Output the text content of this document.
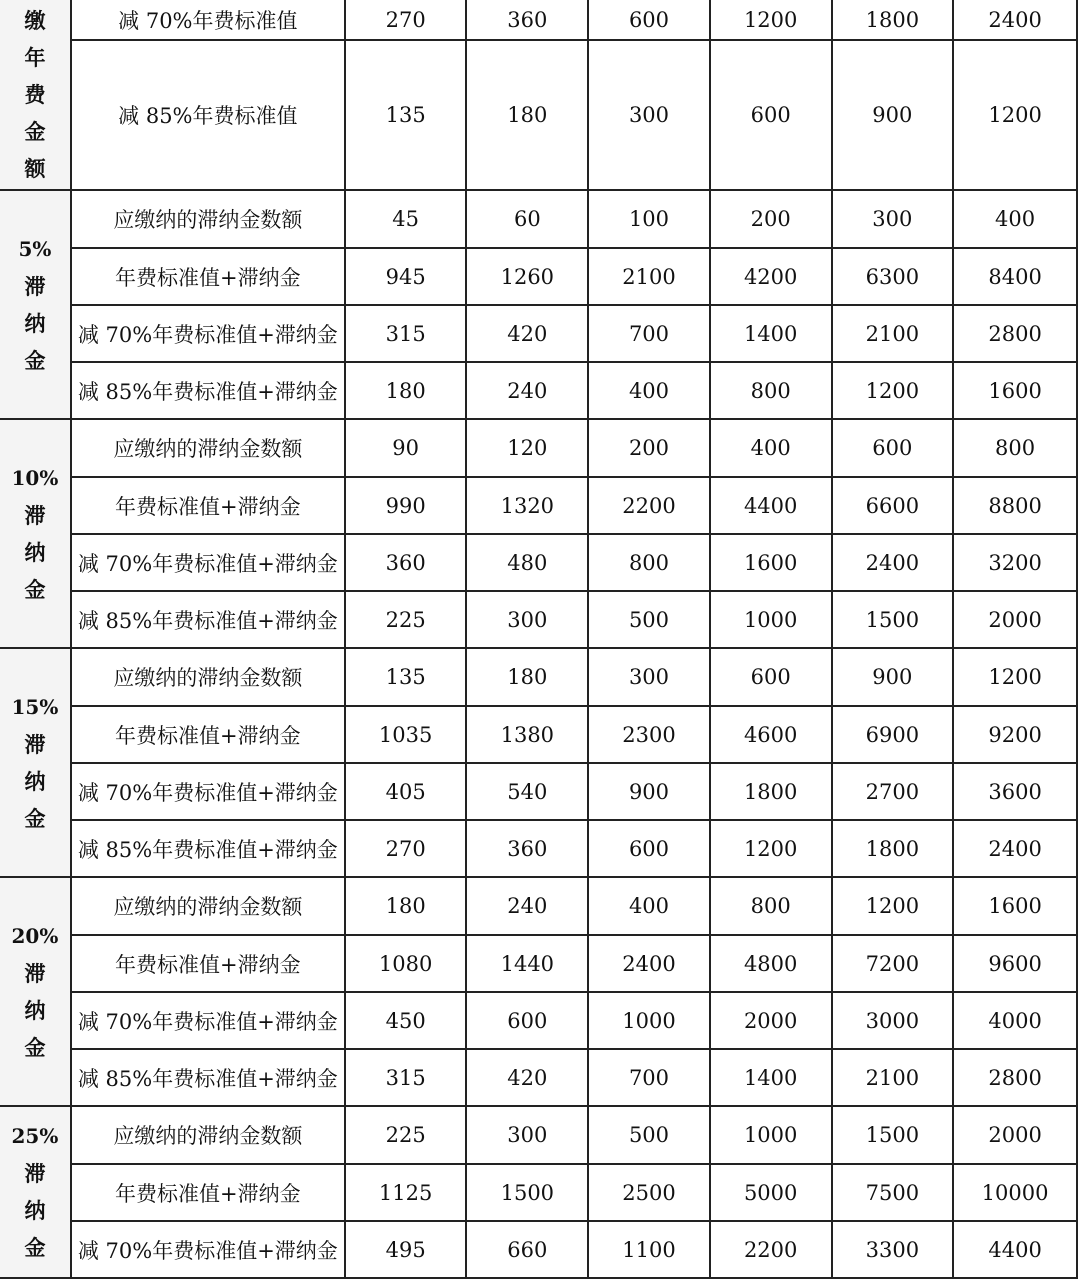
缴
年
费
金
额	减 70%年费标准值	270	360	600	1200	1800	2400
	减 85%年费标准值	135	180	300	600	900	1200

5%
滞
纳
金	应缴纳的滞纳金数额	45	60	100	200	300	400
	年费标准值+滞纳金	945	1260	2100	4200	6300	8400
	减 70%年费标准值+滞纳金	315	420	700	1400	2100	2800
	减 85%年费标准值+滞纳金	180	240	400	800	1200	1600

10%
滞
纳
金	应缴纳的滞纳金数额	90	120	200	400	600	800
	年费标准值+滞纳金	990	1320	2200	4400	6600	8800
	减 70%年费标准值+滞纳金	360	480	800	1600	2400	3200
	减 85%年费标准值+滞纳金	225	300	500	1000	1500	2000

15%
滞
纳
金	应缴纳的滞纳金数额	135	180	300	600	900	1200
	年费标准值+滞纳金	1035	1380	2300	4600	6900	9200
	减 70%年费标准值+滞纳金	405	540	900	1800	2700	3600
	减 85%年费标准值+滞纳金	270	360	600	1200	1800	2400

20%
滞
纳
金	应缴纳的滞纳金数额	180	240	400	800	1200	1600
	年费标准值+滞纳金	1080	1440	2400	4800	7200	9600
	减 70%年费标准值+滞纳金	450	600	1000	2000	3000	4000
	减 85%年费标准值+滞纳金	315	420	700	1400	2100	2800

25%
滞
纳
金	应缴纳的滞纳金数额	225	300	500	1000	1500	2000
	年费标准值+滞纳金	1125	1500	2500	5000	7500	10000
	减 70%年费标准值+滞纳金	495	660	1100	2200	3300	4400
